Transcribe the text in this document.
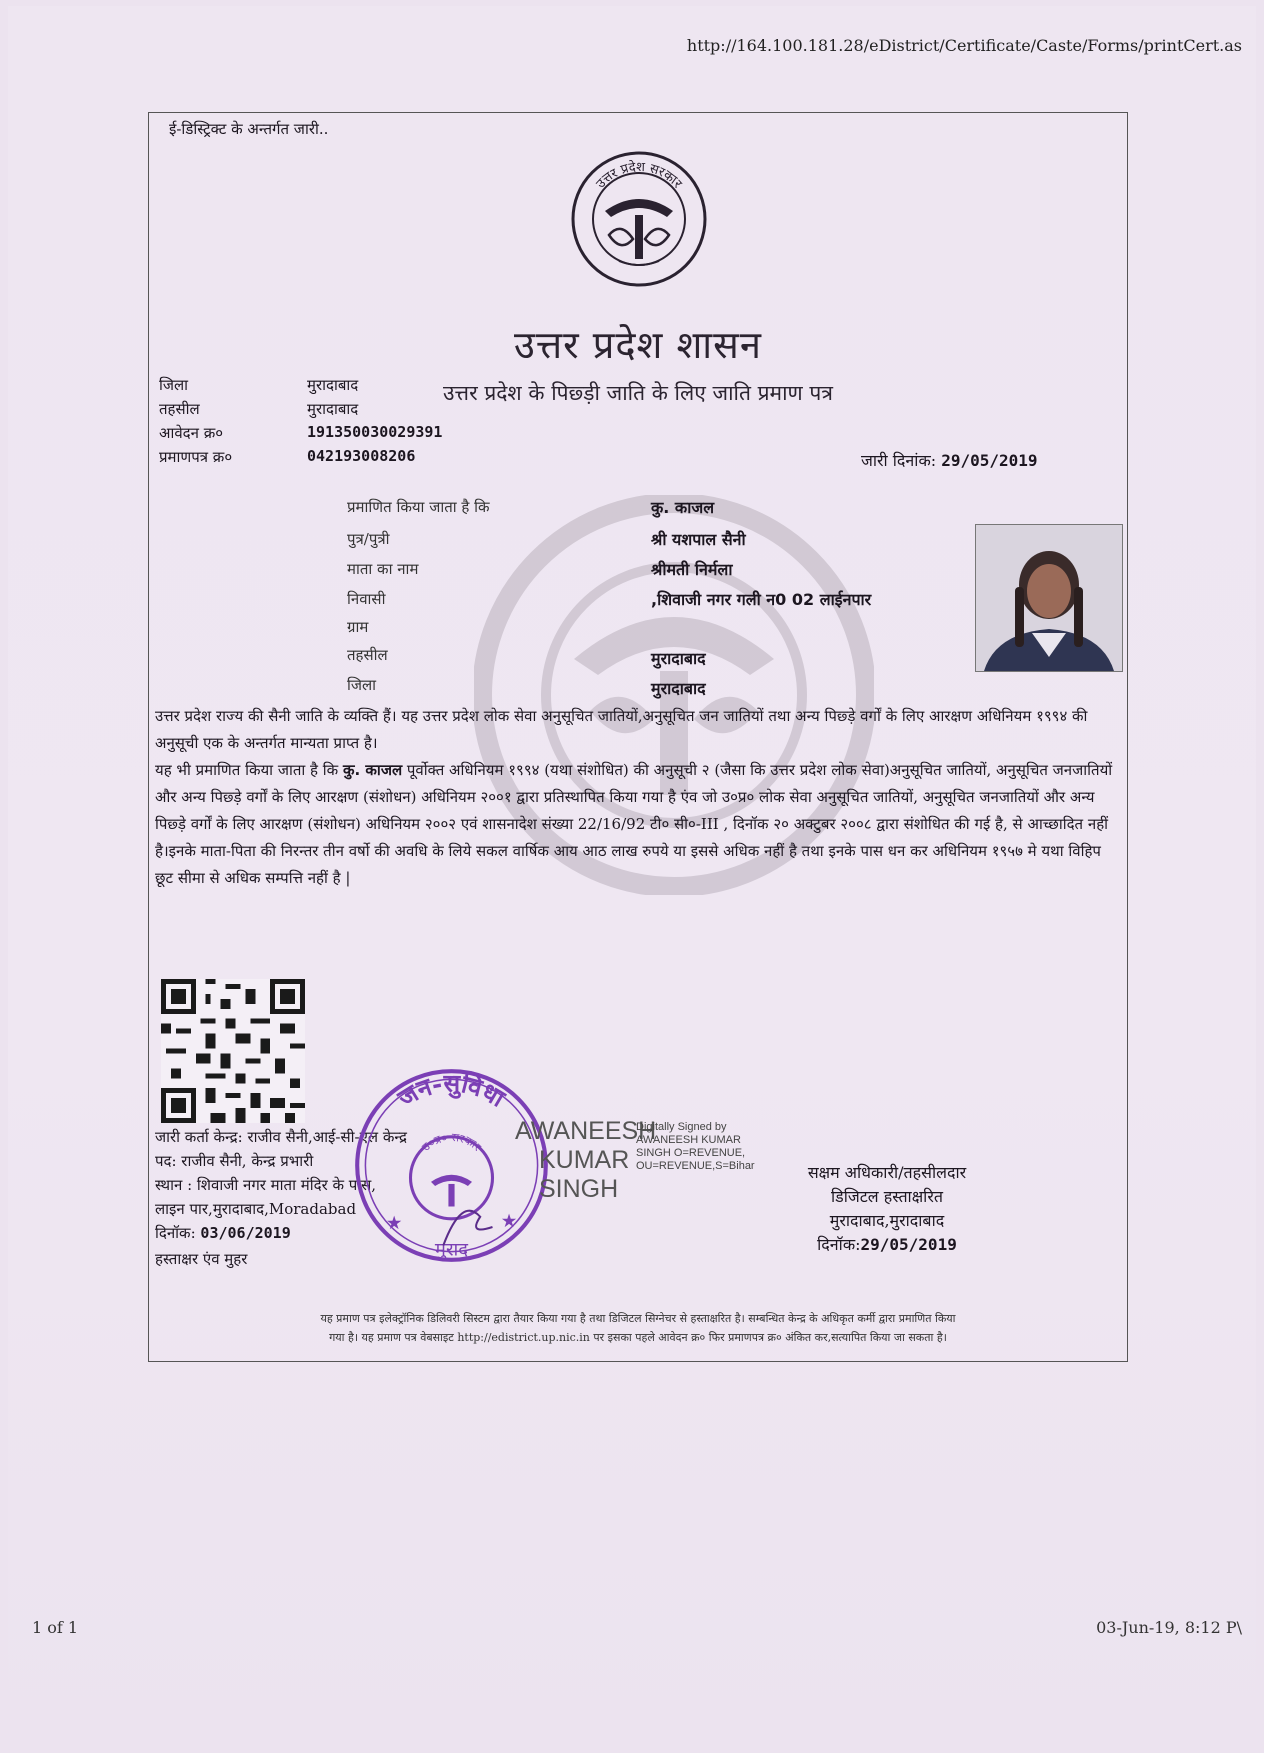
http://164.100.181.28/eDistrict/Certificate/Caste/Forms/printCert.as
ई-डिस्ट्रिक्ट के अन्तर्गत जारी..
उत्तर प्रदेश सरकार
उत्तर प्रदेश शासन
उत्तर प्रदेश के पिछ्ड़ी जाति के लिए जाति प्रमाण पत्र
जिला	मुरादाबाद
तहसील	मुरादाबाद
आवेदन क्र०	191350030029391
प्रमाणपत्र क्र०	042193008206	जारी दिनांक: 29/05/2019
प्रमाणित किया जाता है कि	कु. काजल
पुत्र/पुत्री	श्री यशपाल सैनी
माता का नाम	श्रीमती निर्मला
निवासी	,शिवाजी नगर गली न0 02 लाईनपार
ग्राम
तहसील	मुरादाबाद
जिला	मुरादाबाद
उत्तर प्रदेश राज्य की सैनी जाति के व्यक्ति हैं। यह उत्तर प्रदेश लोक सेवा अनुसूचित जातियों,अनुसूचित जन जातियों तथा अन्य पिछ्ड़े वर्गों के लिए आरक्षण अधिनियम १९९४ की अनुसूची एक के अन्तर्गत मान्यता प्राप्त है।
यह भी प्रमाणित किया जाता है कि कु. काजल पूर्वोक्त अधिनियम १९९४ (यथा संशोधित) की अनुसूची २ (जैसा कि उत्तर प्रदेश लोक सेवा)अनुसूचित जातियों, अनुसूचित जनजातियों और अन्य पिछ्ड़े वर्गों के लिए आरक्षण (संशोधन) अधिनियम २००१ द्वारा प्रतिस्थापित किया गया है एंव जो उ०प्र० लोक सेवा अनुसूचित जातियों, अनुसूचित जनजातियों और अन्य पिछ्ड़े वर्गों के लिए आरक्षण (संशोधन) अधिनियम २००२ एवं शासनादेश संख्या 22/16/92 टी० सी०-III , दिनॉक २० अक्टुबर २००८ द्वारा संशोधित की गई है, से आच्छादित नहीं है।इनके माता-पिता की निरन्तर तीन वर्षो की अवधि के लिये सकल वार्षिक आय आठ लाख रुपये या इससे अधिक नहीं है तथा इनके पास धन कर अधिनियम १९५७ मे यथा विहिप छूट सीमा से अधिक सम्पत्ति नहीं है |
जारी कर्ता केन्द्र: राजीव सैनी,आई-सी-एल केन्द्र
पद: राजीव सैनी, केन्द्र प्रभारी
स्थान : शिवाजी नगर माता मंदिर के पास,
लाइन पार,मुरादाबाद,Moradabad
दिनॉक: 03/06/2019
हस्ताक्षर एंव मुहर
जन-सुविधा
उ०प्र० सरकार
मुराद
★	★
AWANEESH
KUMAR
SINGH
Digitally Signed by
AWANEESH KUMAR
SINGH O=REVENUE,
OU=REVENUE,S=Bihar	सक्षम अधिकारी/तहसीलदार
डिजिटल हस्ताक्षरित
मुरादाबाद,मुरादाबाद
दिनॉक:29/05/2019
यह प्रमाण पत्र इलेक्ट्रॉनिक डिलिवरी सिस्टम द्वारा तैयार किया गया है तथा डिजिटल सिग्नेचर से हस्ताक्षरित है। सम्बन्धित केन्द्र के अधिकृत कर्मी द्वारा प्रमाणित किया
गया है। यह प्रमाण पत्र वेबसाइट http://edistrict.up.nic.in पर इसका पहले आवेदन क्र० फिर प्रमाणपत्र क्र० अंकित कर,सत्यापित किया जा सकता है।
1 of 1	03-Jun-19, 8:12 P\
